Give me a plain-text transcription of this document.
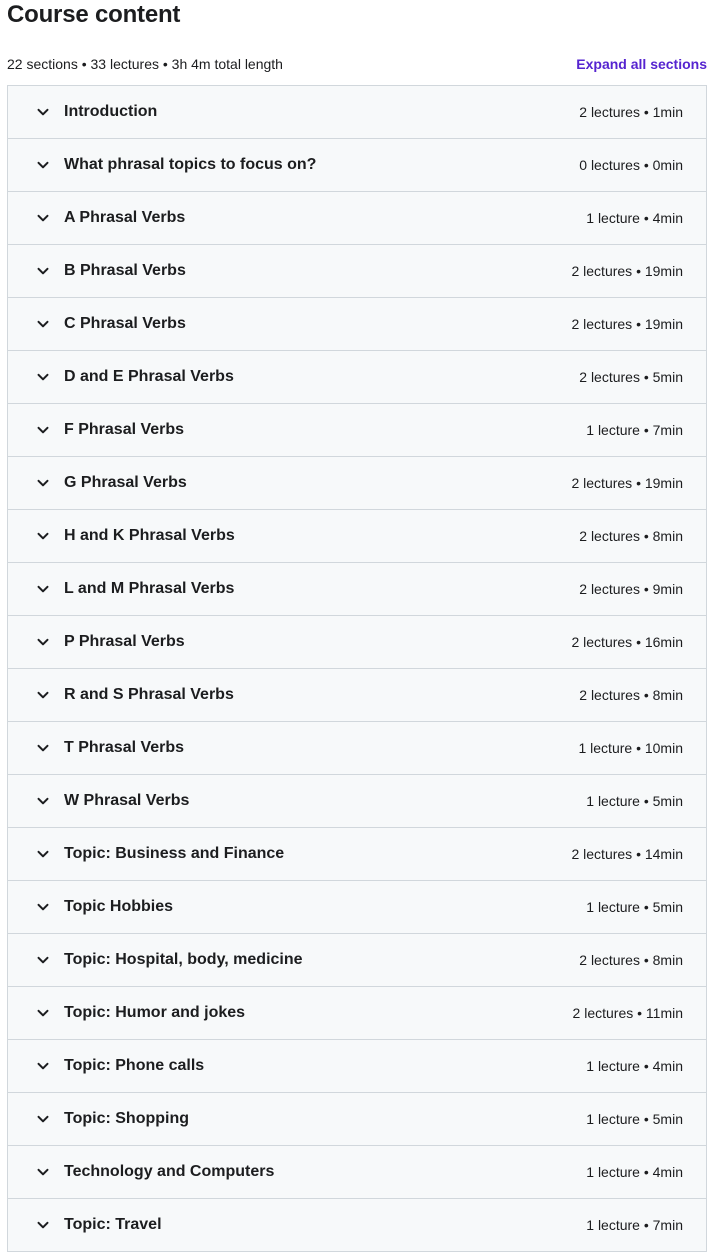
Course content
22 sections • 33 lectures • 3h 4m total length	Expand all sections
Introduction	2 lectures • 1min
What phrasal topics to focus on?	0 lectures • 0min
A Phrasal Verbs	1 lecture • 4min
B Phrasal Verbs	2 lectures • 19min
C Phrasal Verbs	2 lectures • 19min
D and E Phrasal Verbs	2 lectures • 5min
F Phrasal Verbs	1 lecture • 7min
G Phrasal Verbs	2 lectures • 19min
H and K Phrasal Verbs	2 lectures • 8min
L and M Phrasal Verbs	2 lectures • 9min
P Phrasal Verbs	2 lectures • 16min
R and S Phrasal Verbs	2 lectures • 8min
T Phrasal Verbs	1 lecture • 10min
W Phrasal Verbs	1 lecture • 5min
Topic: Business and Finance	2 lectures • 14min
Topic Hobbies	1 lecture • 5min
Topic: Hospital, body, medicine	2 lectures • 8min
Topic: Humor and jokes	2 lectures • 11min
Topic: Phone calls	1 lecture • 4min
Topic: Shopping	1 lecture • 5min
Technology and Computers	1 lecture • 4min
Topic: Travel	1 lecture • 7min
